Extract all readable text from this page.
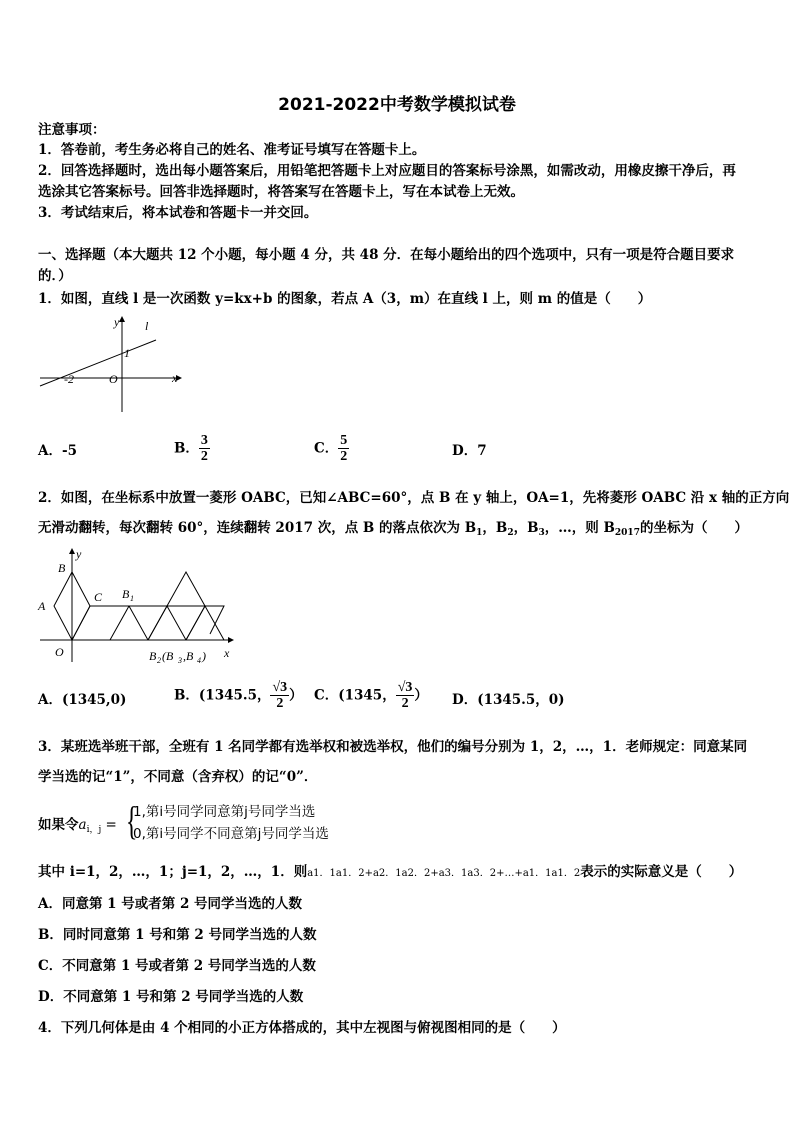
2021-2022中考数学模拟试卷
注意事项：
1．答卷前，考生务必将自己的姓名、准考证号填写在答题卡上。
2．回答选择题时，选出每小题答案后，用铅笔把答题卡上对应题目的答案标号涂黑，如需改动，用橡皮擦干净后，再
选涂其它答案标号。回答非选择题时，将答案写在答题卡上，写在本试卷上无效。
3．考试结束后，将本试卷和答题卡一并交回。
一、选择题（本大题共 12 个小题，每小题 4 分，共 48 分．在每小题给出的四个选项中，只有一项是符合题目要求
的．）
1．如图，直线 l 是一次函数 y=kx+b 的图象，若点 A（3，m）在直线 l 上，则 m 的值是（　　）
y l
1
-2	O	x
A．-5	B． $\frac{3}{2}$	C． $\frac{5}{2}$	D．7
2．如图，在坐标系中放置一菱形 OABC，已知∠ABC=60°，点 B 在 y 轴上，OA=1，先将菱形 OABC 沿 x 轴的正方向
无滑动翻转，每次翻转 60°，连续翻转 2017 次，点 B 的落点依次为 $B_1$，$B_2$，$B_3$，…，则 $B_{2017}$的坐标为（　　）
B
y
A
C B 1
O	B 2 (B 3 ,B 4 ) x
A．(1345,0)	B．(1345.5， $\frac{√3}{2}$ ） C．(1345， $\frac{√3}{2}$ ） D．(1345.5，0)
3．某班选举班干部，全班有 1 名同学都有选举权和被选举权，他们的编号分别为 1，2，…，1．老师规定：同意某同
学当选的记“1”，不同意（含弃权）的记“0”．
如果令$a_{i,j}$ = {
1,第i号同学同意第j号同学当选
0,第i号同学不同意第j号同学当选
其中 i=1，2，…，1；j=1，2，…，1．则a1．1a1．2+a2．1a2．2+a3．1a3．2+…+a1．1a1．2表示的实际意义是（　　）
A．同意第 1 号或者第 2 号同学当选的人数
B．同时同意第 1 号和第 2 号同学当选的人数
C．不同意第 1 号或者第 2 号同学当选的人数
D．不同意第 1 号和第 2 号同学当选的人数
4．下列几何体是由 4 个相同的小正方体搭成的，其中左视图与俯视图相同的是（　　）
